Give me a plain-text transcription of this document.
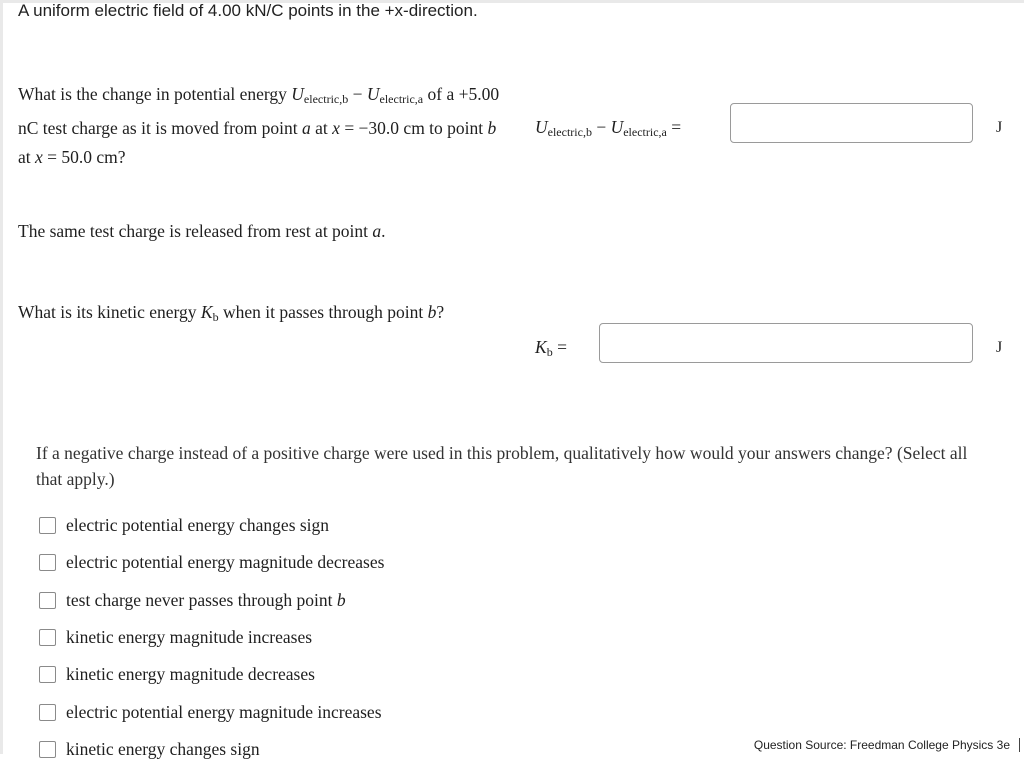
A uniform electric field of 4.00 kN/C points in the +x-direction.
What is the change in potential energy $U_{electric,b} - U_{electric,a}$ of a +5.00 nC test charge as it is moved from point a at x = −30.0 cm to point b at x = 50.0 cm?
$U_{electric,b} - U_{electric,a}$ =	J
The same test charge is released from rest at point a.
What is its kinetic energy $K_b$ when it passes through point b?
$K_b$ =	J
If a negative charge instead of a positive charge were used in this problem, qualitatively how would your answers change? (Select all that apply.)
electric potential energy changes sign
electric potential energy magnitude decreases
test charge never passes through point
b
kinetic energy magnitude increases
kinetic energy magnitude decreases
electric potential energy magnitude increases
kinetic energy changes sign	Question Source: Freedman College Physics 3e
